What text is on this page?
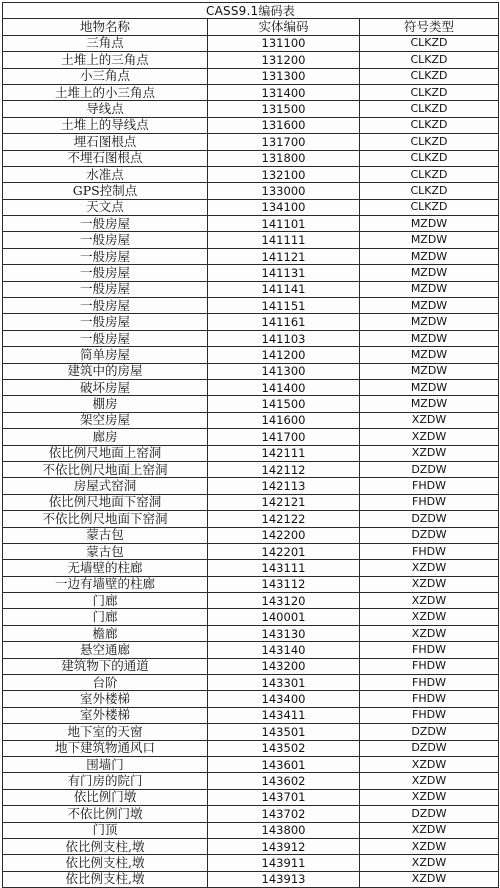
CASS9.1编码表		
地物名称	实体编码	符号类型
三角点	131100	CLKZD
土堆上的三角点	131200	CLKZD
小三角点	131300	CLKZD
土堆上的小三角点	131400	CLKZD
导线点	131500	CLKZD
土堆上的导线点	131600	CLKZD
埋石图根点	131700	CLKZD
不埋石图根点	131800	CLKZD
水准点	132100	CLKZD
GPS控制点	133000	CLKZD
天文点	134100	CLKZD
一般房屋	141101	MZDW
一般房屋	141111	MZDW
一般房屋	141121	MZDW
一般房屋	141131	MZDW
一般房屋	141141	MZDW
一般房屋	141151	MZDW
一般房屋	141161	MZDW
一般房屋	141103	MZDW
简单房屋	141200	MZDW
建筑中的房屋	141300	MZDW
破坏房屋	141400	MZDW
棚房	141500	MZDW
架空房屋	141600	XZDW
廊房	141700	XZDW
依比例尺地面上窑洞	142111	XZDW
不依比例尺地面上窑洞	142112	DZDW
房屋式窑洞	142113	FHDW
依比例尺地面下窑洞	142121	FHDW
不依比例尺地面下窑洞	142122	DZDW
蒙古包	142200	DZDW
蒙古包	142201	FHDW
无墙壁的柱廊	143111	XZDW
一边有墙壁的柱廊	143112	XZDW
门廊	143120	XZDW
门廊	140001	XZDW
檐廊	143130	XZDW
悬空通廊	143140	FHDW
建筑物下的通道	143200	FHDW
台阶	143301	FHDW
室外楼梯	143400	FHDW
室外楼梯	143411	FHDW
地下室的天窗	143501	DZDW
地下建筑物通风口	143502	DZDW
围墙门	143601	XZDW
有门房的院门	143602	XZDW
依比例门墩	143701	XZDW
不依比例门墩	143702	DZDW
门顶	143800	XZDW
依比例支柱,墩	143912	XZDW
依比例支柱,墩	143911	XZDW
依比例支柱,墩	143913	XZDW
